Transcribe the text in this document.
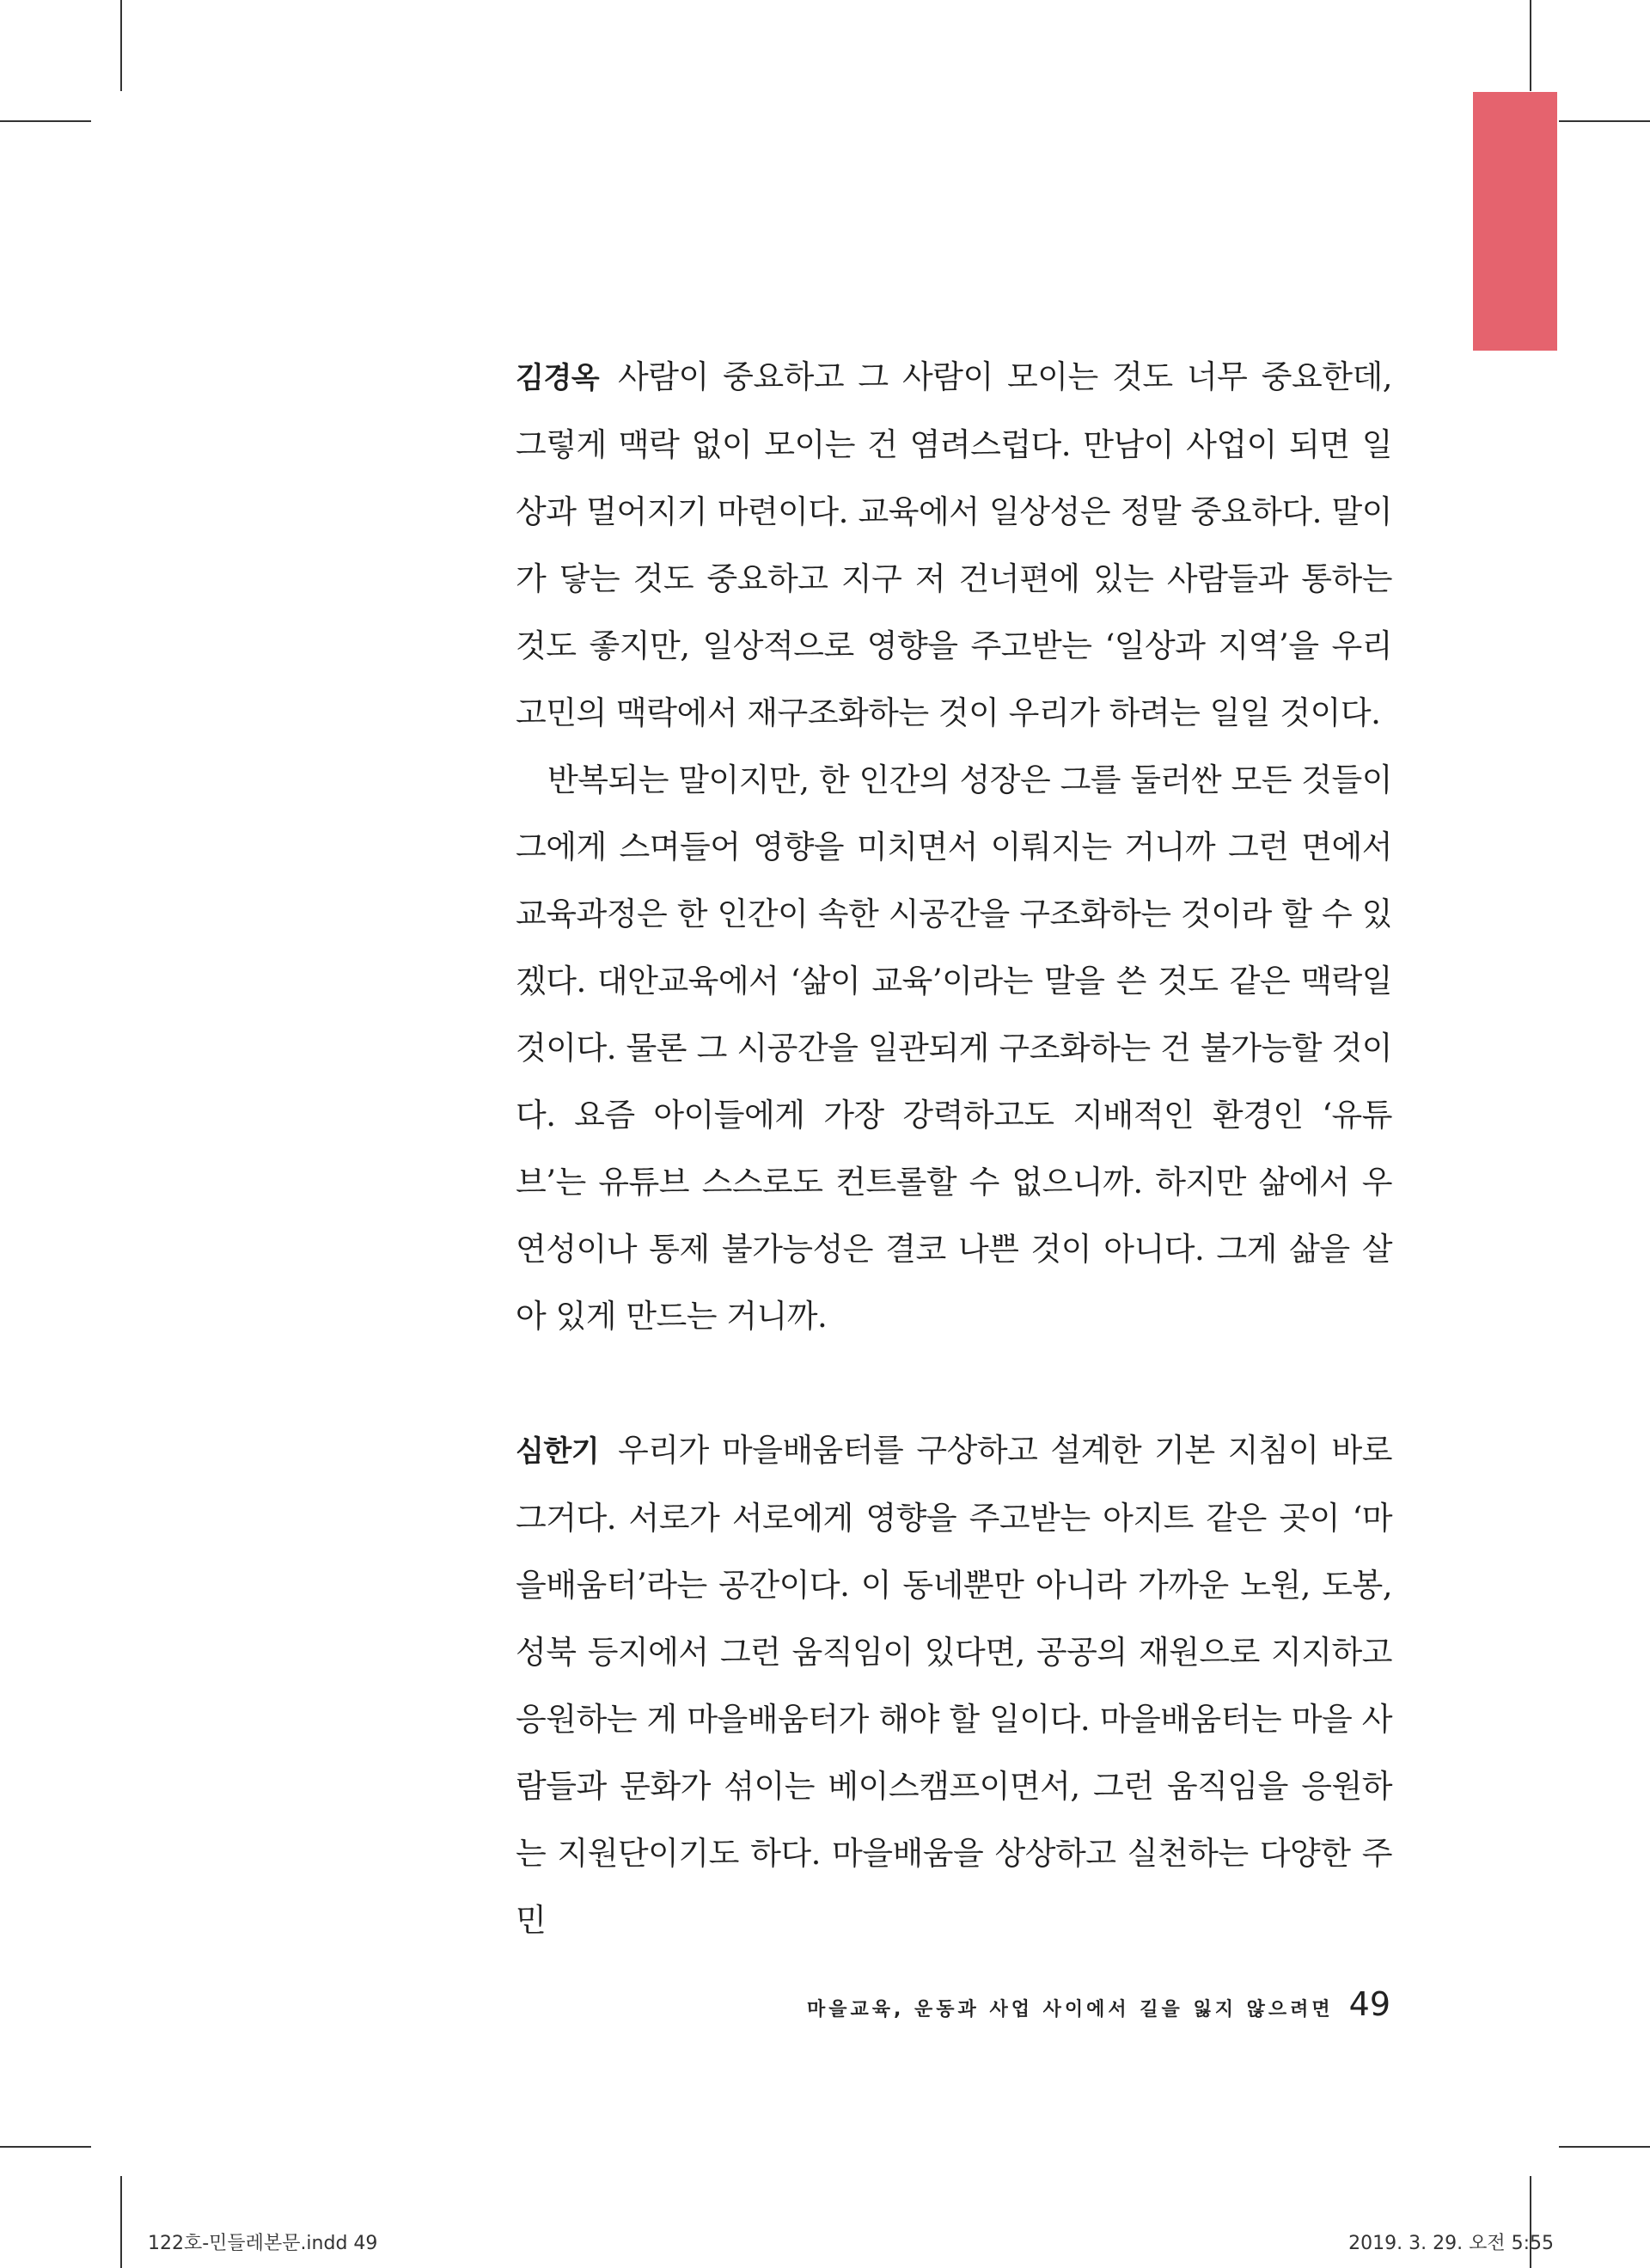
김경옥 사람이 중요하고 그 사람이 모이는 것도 너무 중요한데, 그렇게 맥락 없이 모이는 건 염려스럽다. 만남이 사업이 되면 일상과 멀어지기 마련이다. 교육에서 일상성은 정말 중요하다. 말이 가 닿는 것도 중요하고 지구 저 건너편에 있는 사람들과 통하는 것도 좋지만, 일상적으로 영향을 주고받는 ‘일상과 지역’을 우리 고민의 맥락에서 재구조화하는 것이 우리가 하려는 일일 것이다.

반복되는 말이지만, 한 인간의 성장은 그를 둘러싼 모든 것들이 그에게 스며들어 영향을 미치면서 이뤄지는 거니까 그런 면에서 교육과정은 한 인간이 속한 시공간을 구조화하는 것이라 할 수 있겠다. 대안교육에서 ‘삶이 교육’이라는 말을 쓴 것도 같은 맥락일 것이다. 물론 그 시공간을 일관되게 구조화하는 건 불가능할 것이다. 요즘 아이들에게 가장 강력하고도 지배적인 환경인 ‘유튜브’는 유튜브 스스로도 컨트롤할 수 없으니까. 하지만 삶에서 우연성이나 통제 불가능성은 결코 나쁜 것이 아니다. 그게 삶을 살아 있게 만드는 거니까.

심한기 우리가 마을배움터를 구상하고 설계한 기본 지침이 바로 그거다. 서로가 서로에게 영향을 주고받는 아지트 같은 곳이 ‘마을배움터’라는 공간이다. 이 동네뿐만 아니라 가까운 노원, 도봉, 성북 등지에서 그런 움직임이 있다면, 공공의 재원으로 지지하고 응원하는 게 마을배움터가 해야 할 일이다. 마을배움터는 마을 사람들과 문화가 섞이는 베이스캠프이면서, 그런 움직임을 응원하는 지원단이기도 하다. 마을배움을 상상하고 실천하는 다양한 주민

마을교육, 운동과 사업 사이에서 길을 잃지 않으려면 49
122호-민들레본문.indd 49	2019. 3. 29. 오전 5:55
